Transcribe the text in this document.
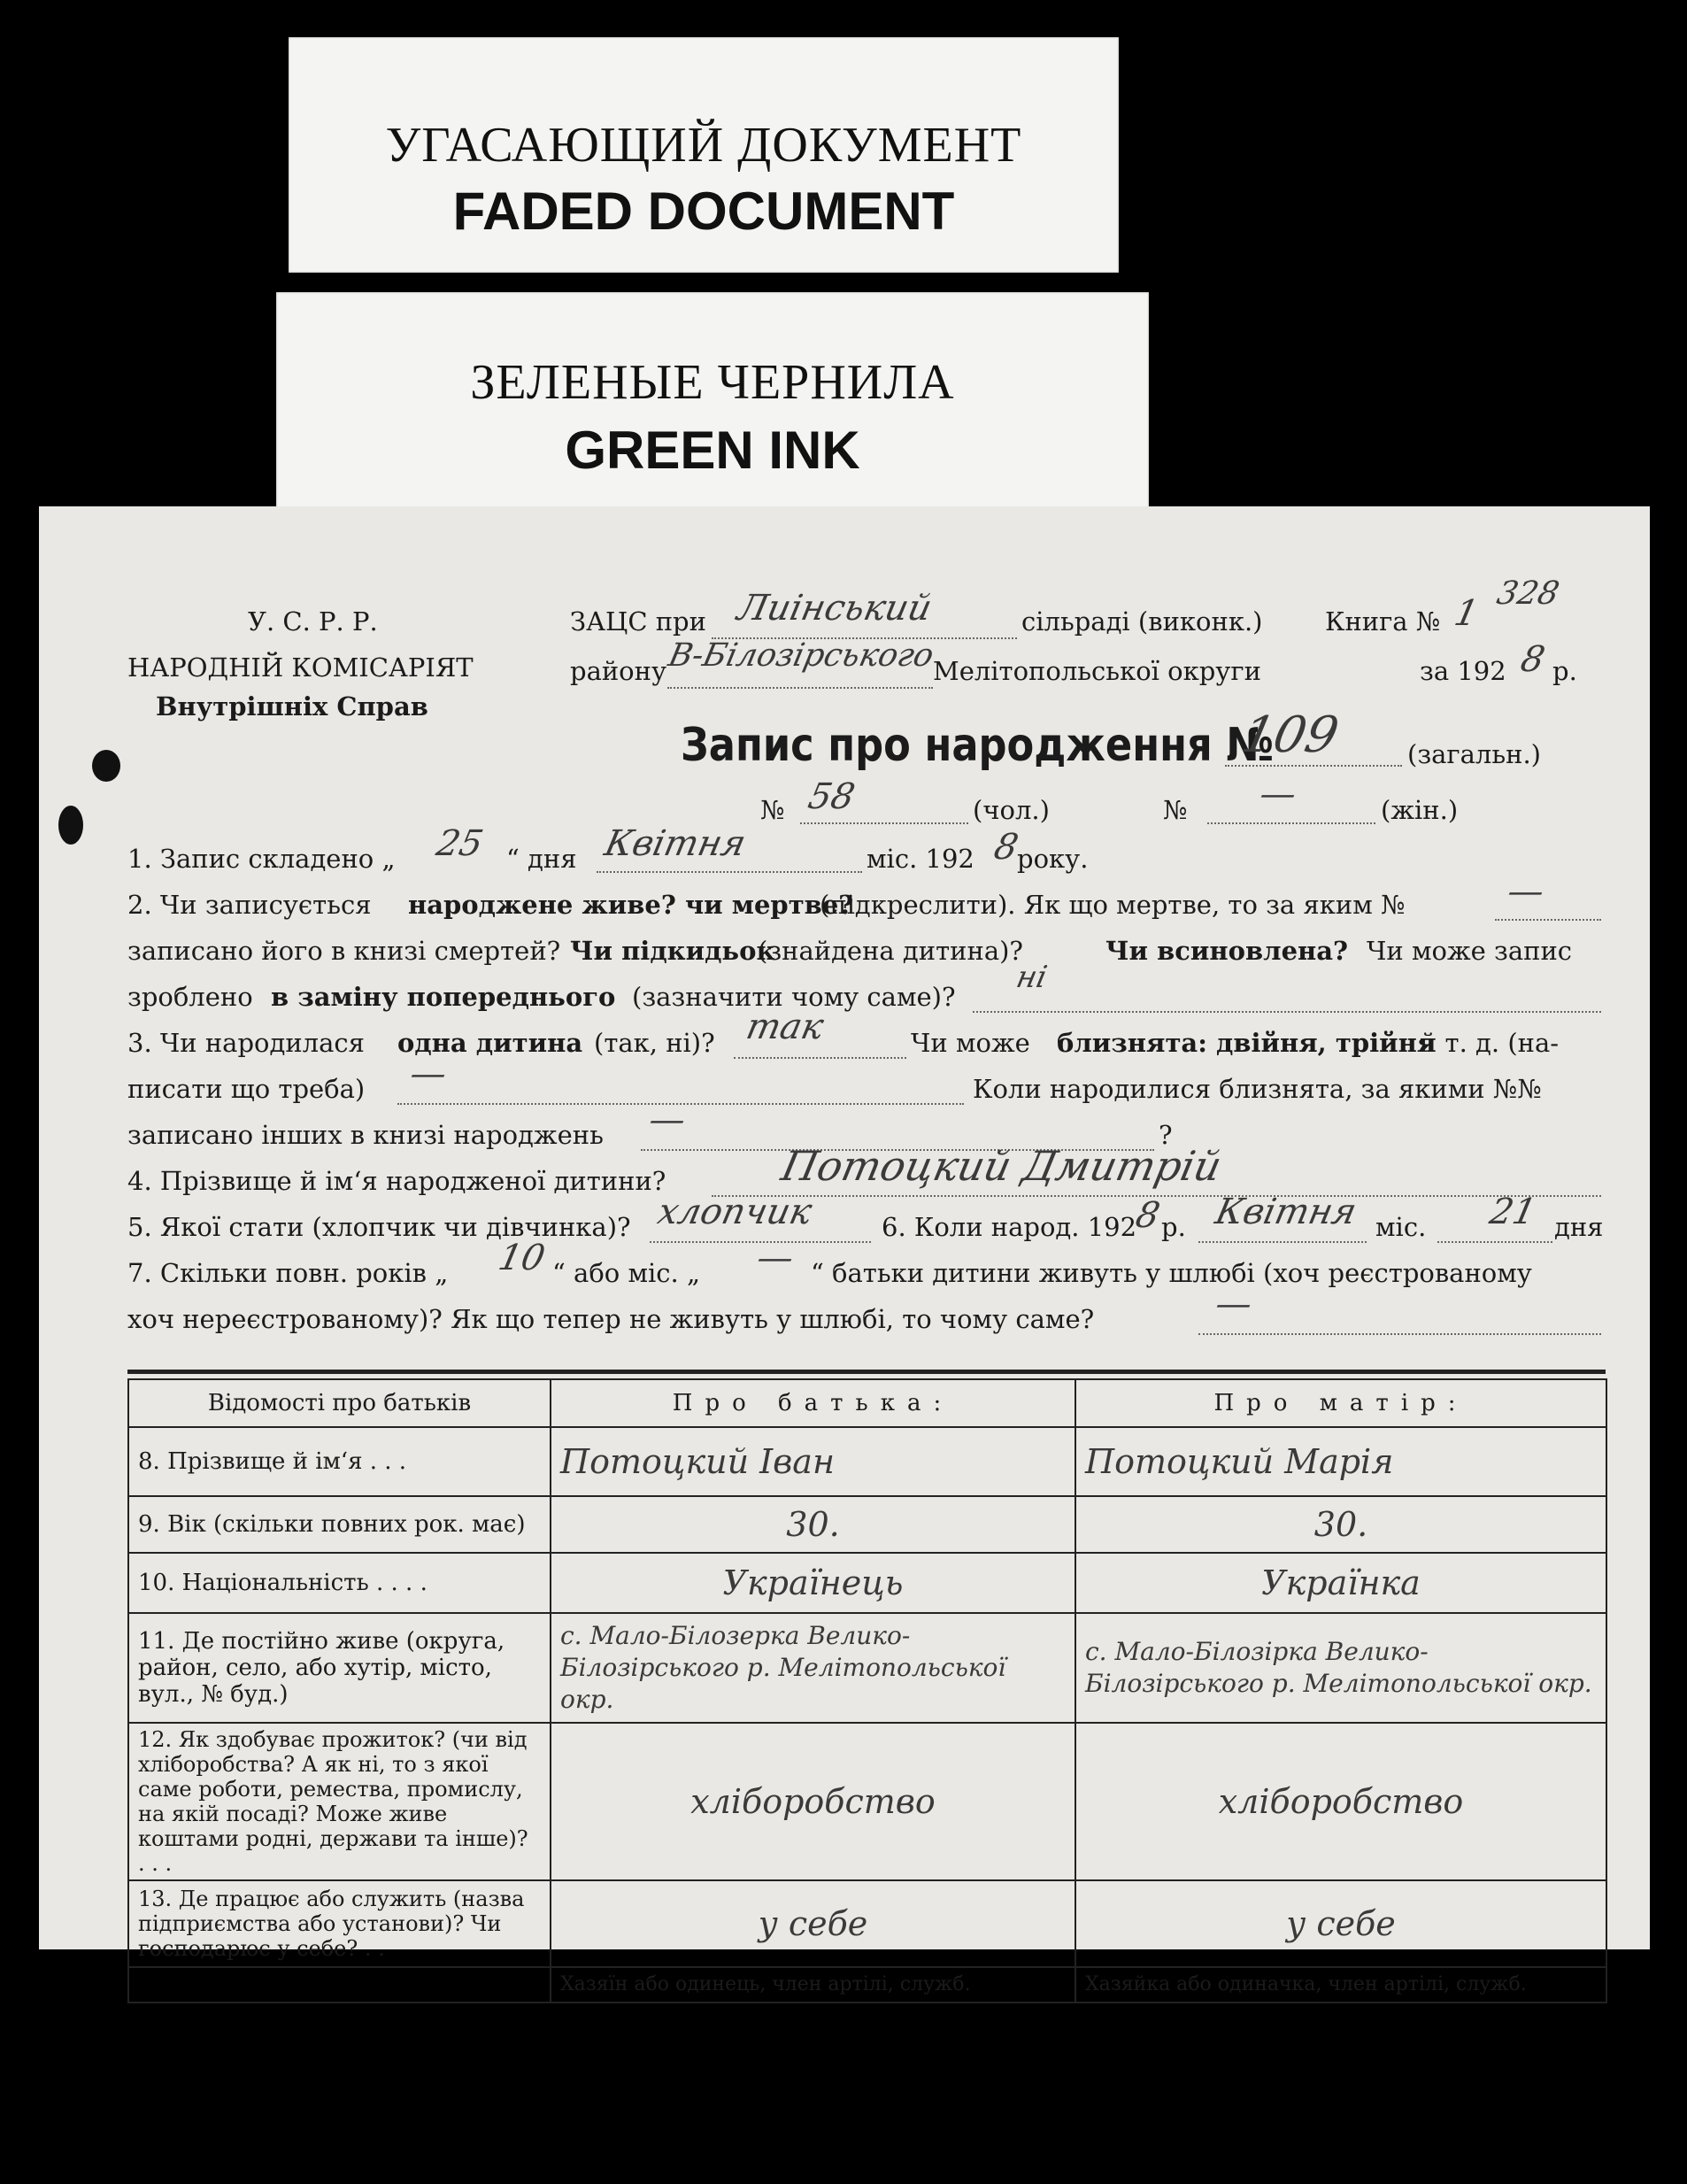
УГАСАЮЩИЙ ДОКУМЕНТ
FADED DOCUMENT
ЗЕЛЕНЫЕ ЧЕРНИЛА
GREEN INK
У. С. Р. Р.
НАРОДНІЙ КОМІСАРІЯТ
Внутрішніх Справ
ЗАЦС при Лиінський	сільраді (виконк.) Книга № 1 328
району
В-Білозірського
Мелітопольської округи	за 192 8 р.
Запис про народження №
109 (загальн.)
№ 58	(чол.)	№ —	(жін.)
1. Запис складено „ 25 “ дня Квітня	міс. 192 8
року.
2. Чи записується народжене живе? чи мертве?
(підкреслити). Як що мертве, то за яким №	—
записано його в книзі смертей? Чи підкидьок
(знайдена дитина)?	Чи всиновлена? Чи може запис
зроблено в заміну попереднього (зазначити чому саме)?
ні
3. Чи народилася одна дитина (так, ні)? так	Чи може близнята: двійня, трійня
й т. д. (на-
писати що треба) —	Коли народилися близнята, за якими №№
записано інших в книзі народжень —	?
4. Прізвище й ім‘я народженої дитини?	Потоцкий Дмитрій
5. Якої стати (хлопчик чи дівчинка)? хлопчик	6. Коли народ. 192
8
р. Квітня міс. 21 дня
7. Скільки повн. років „ 10 “ або міс. „ — “ батьки дитини живуть у шлюбі (хоч реєстрованому
хоч нереєстрованому)? Як що тепер не живуть у шлюбі, то чому саме?	—
Відомості про батьків	Про батька:	Про матір:
8. Прізвище й ім‘я . . .	Потоцкий Іван	Потоцкий Марія
9. Вік (скільки повних рок. має)	30.	30.
10. Національність . . . .	Українець	Українка
11. Де постійно живе (округа, район, село, або хутір, місто, вул., № буд.)	с. Мало-Білозерка Велико-Білозірського р. Мелітопольської окр.	с. Мало-Білозірка Велико-Білозірського р. Мелітопольської окр.
12. Як здобуває прожиток? (чи від хліборобства? А як ні, то з якої саме роботи, ремества, промислу, на якій посаді? Може живе коштами родні, держави та інше)? . . .	хліборобство	хліборобство
13. Де працює або служить (назва підприємства або установи)? Чи господарює у себе? . .	у себе	у себе
	Хазяїн або одинець, член артілі, служб.	Хазяйка або одиначка, член артілі, служб.
